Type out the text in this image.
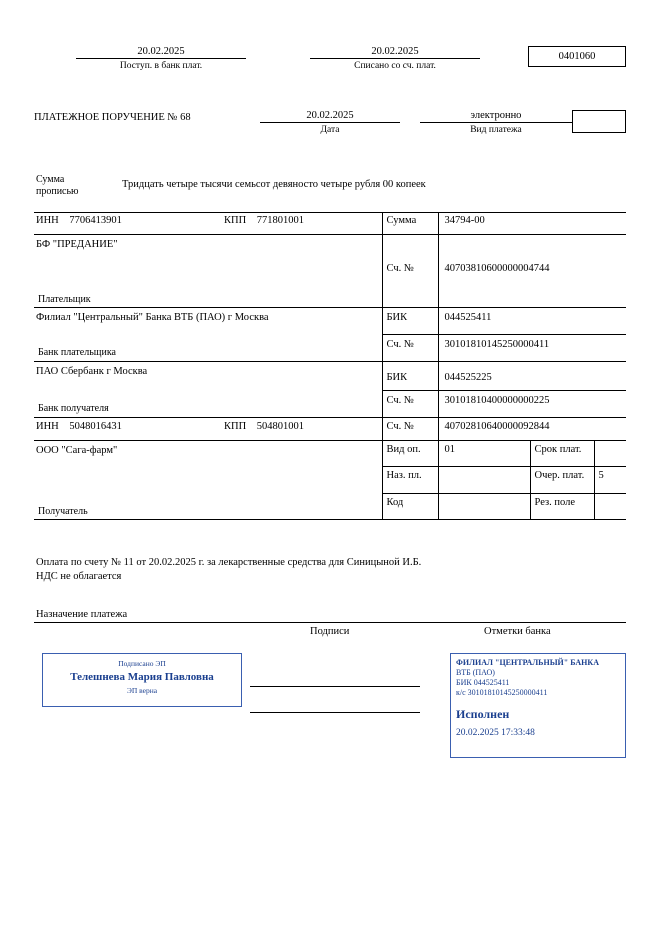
20.02.2025
Поступ. в банк плат.
20.02.2025
Списано со сч. плат.
0401060
ПЛАТЕЖНОЕ ПОРУЧЕНИЕ № 68	20.02.2025
Дата
электронно
Вид платежа
Сумма
прописью
Тридцать четыре тысячи семьсот девяносто четыре рубля 00 копеек
ИНН 7706413901	КПП 771801001	Сумма	34794-00		

БФ "ПРЕДАНИЕ"
Плательщик		Сч. №	40703810600000004744		

Филиал "Центральный" Банка ВТБ (ПАО) г Москва
Банк плательщика		БИК	044525411		

		Сч. №	30101810145250000411		

ПАО Сбербанк г Москва
Банк получателя		БИК	044525225		

		Сч. №	30101810400000000225		

ИНН 5048016431	КПП 504801001	Сч. №	40702810640000092844		

ООО "Сага-фарм"
Получатель		Вид оп.	01	Срок плат.	

		Наз. пл.		Очер. плат.	5

		Код		Рез. поле	

Оплата по счету № 11 от 20.02.2025 г. за лекарственные средства для Синицыной И.Б.
НДС не облагается
Назначение платежа
Подписи	Отметки банка
Подписано ЭП
Телешнева Мария Павловна
ЭП верна
ФИЛИАЛ "ЦЕНТРАЛЬНЫЙ" БАНКА
ВТБ (ПАО)
БИК 044525411
к/с 30101810145250000411
Исполнен
20.02.2025 17:33:48
